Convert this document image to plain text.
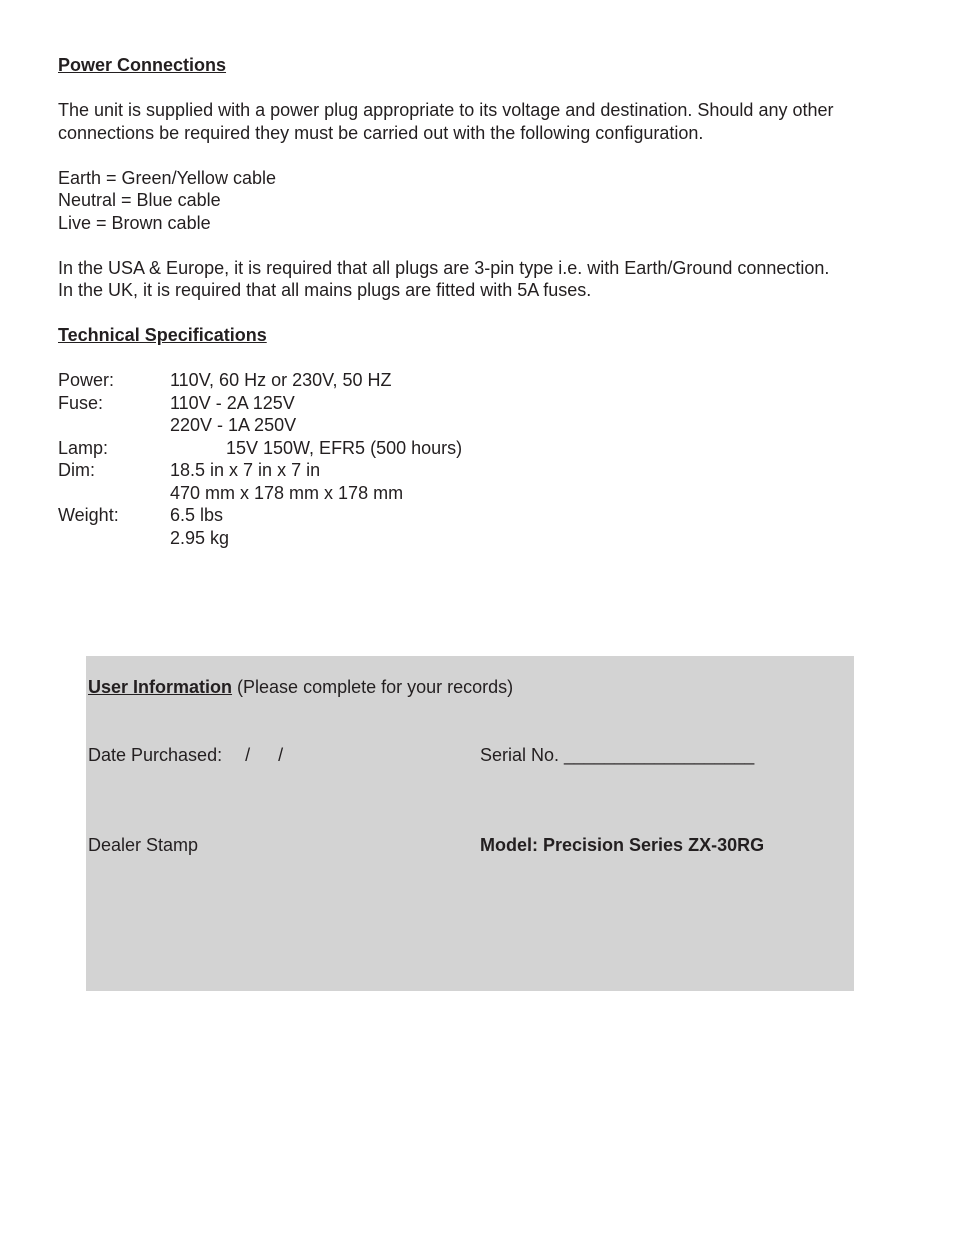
Power Connections

The unit is supplied with a power plug appropriate to its voltage and destination. Should any other connections be required they must be carried out with the following configuration.

Earth = Green/Yellow cable

Neutral = Blue cable

Live = Brown cable

In the USA & Europe, it is required that all plugs are 3-pin type i.e. with Earth/Ground connection.

In the UK, it is required that all mains plugs are fitted with 5A fuses.

Technical Specifications

Power:	110V, 60 Hz or 230V, 50 HZ
Fuse:	110V - 2A 125V
220V - 1A 250V
Lamp:	15V 150W, EFR5 (500 hours)
Dim:	18.5 in x 7 in x 7 in
470 mm x 178 mm x 178 mm
Weight:	6.5 lbs
2.95 kg
User Information (Please complete for your records)
Date Purchased: / /	Serial No. ___________________
Dealer Stamp	Model: Precision Series ZX-30RG
